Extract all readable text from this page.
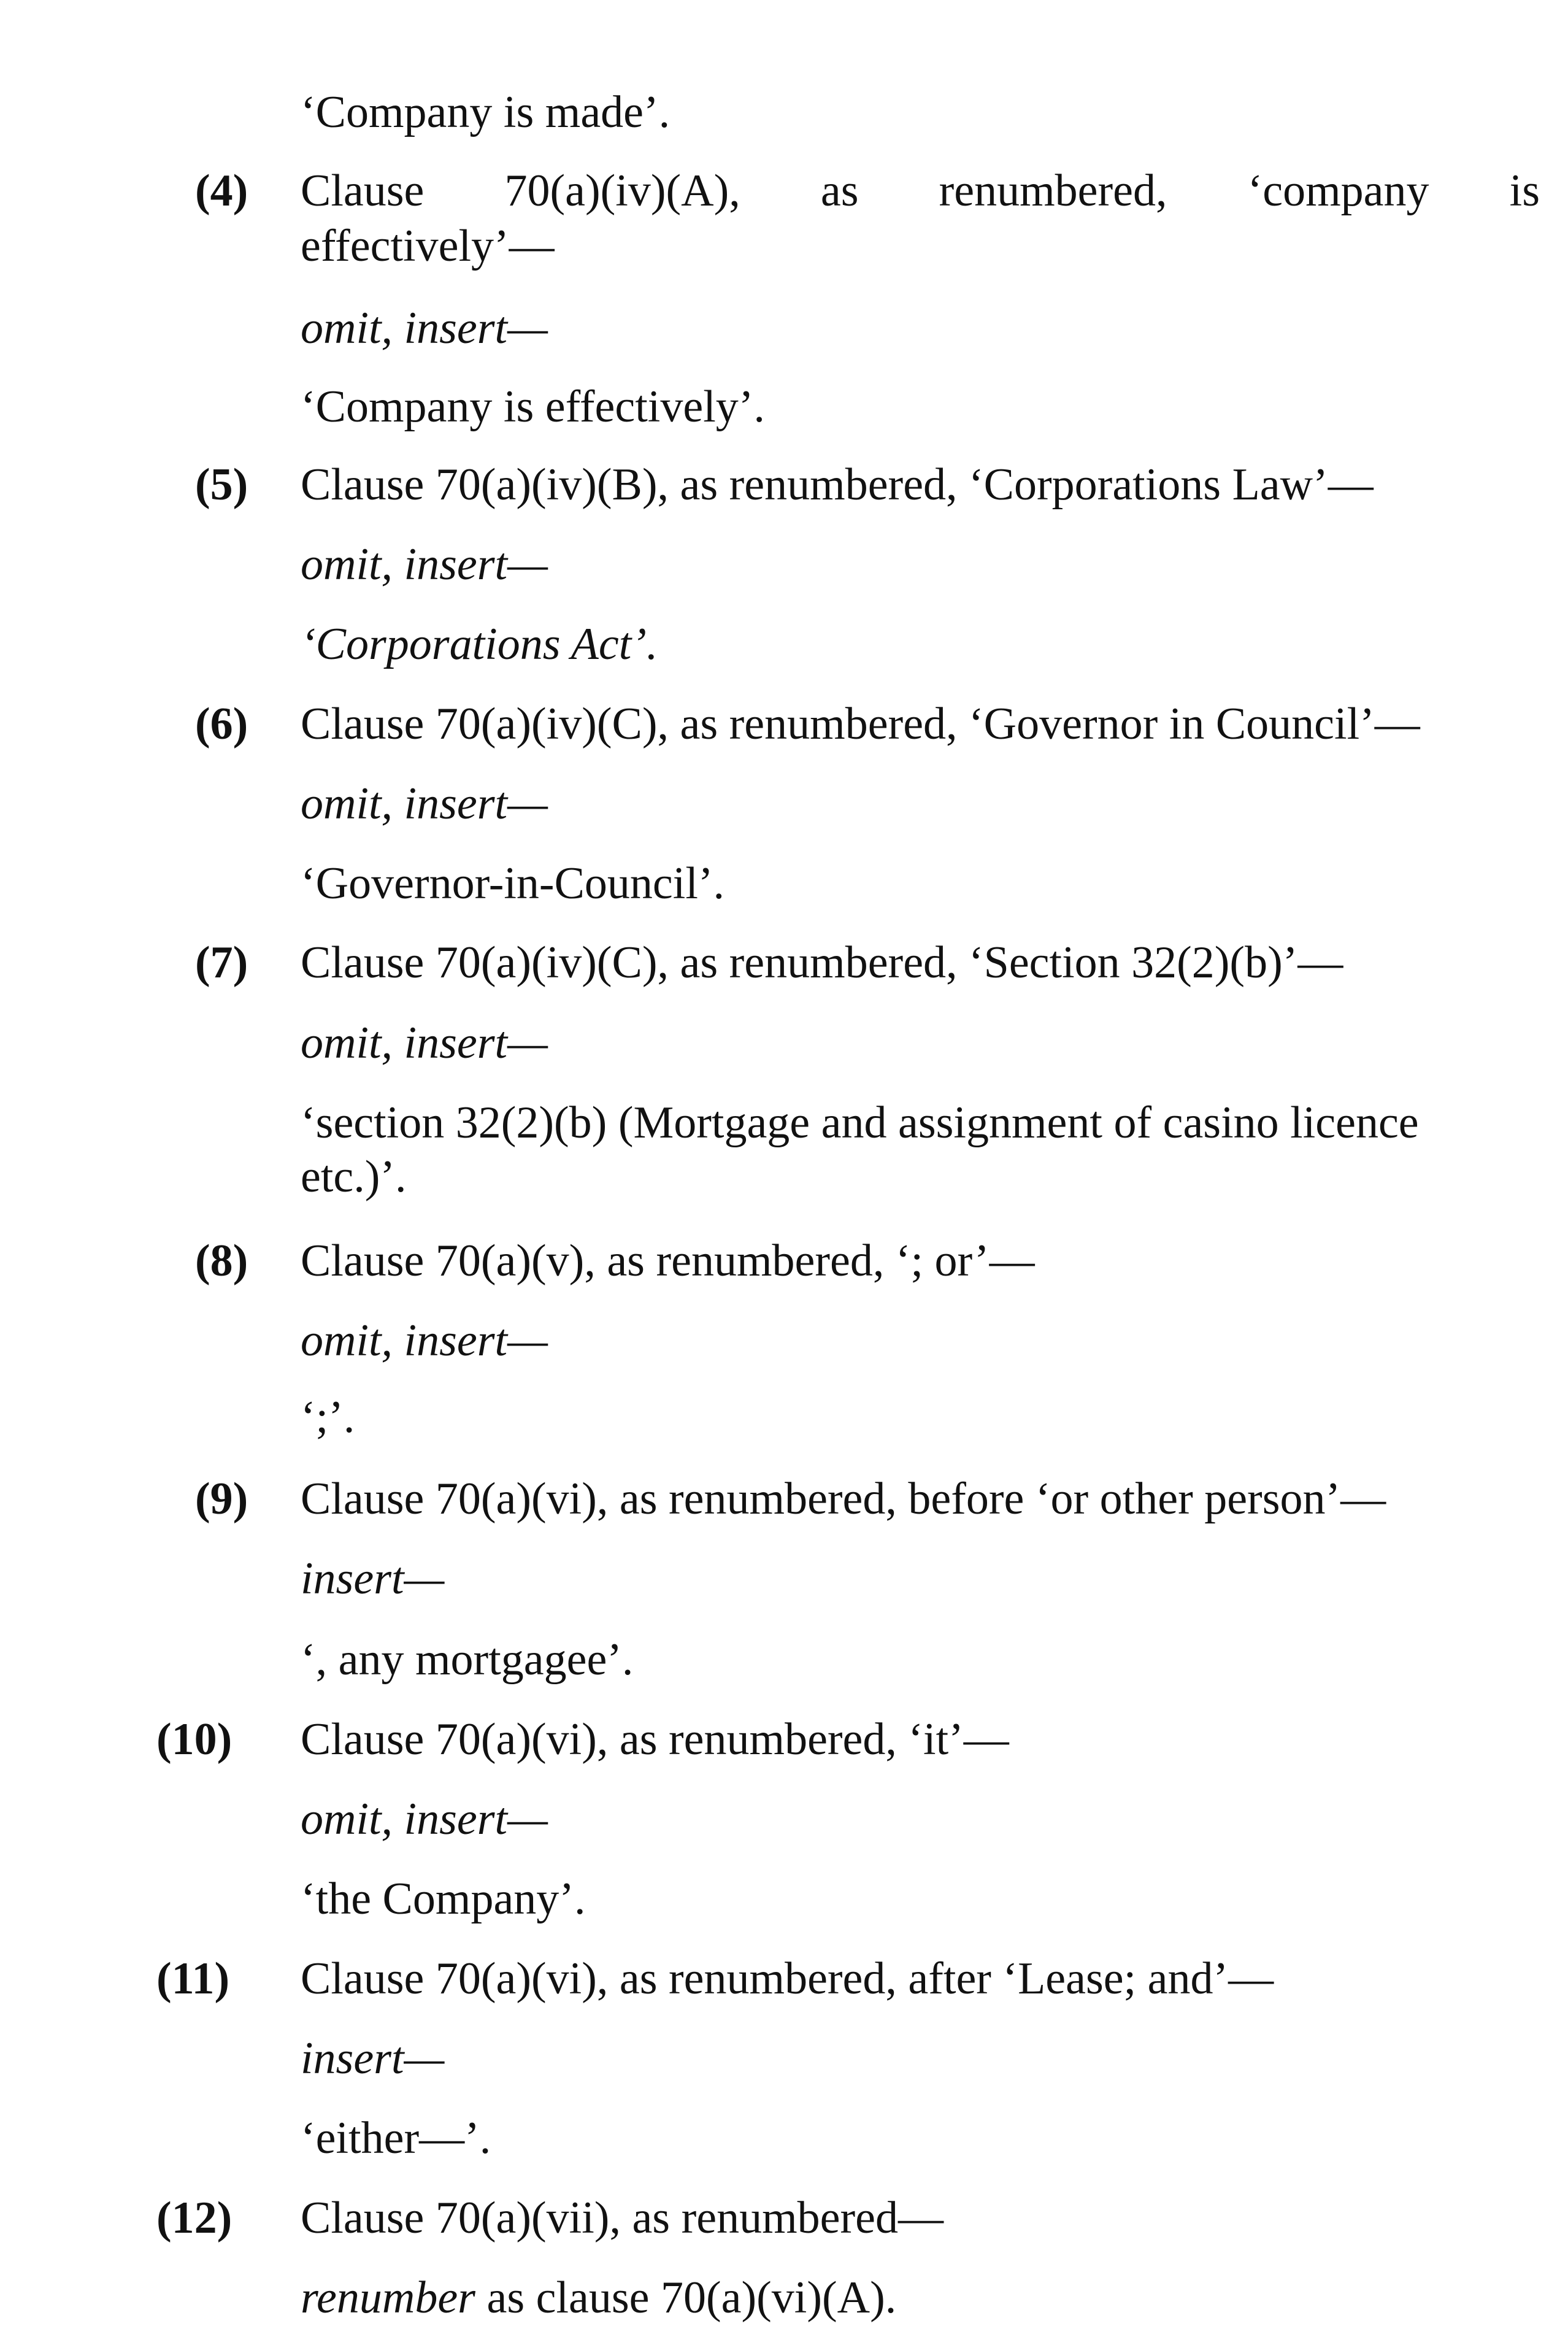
‘Company is made’.
(4) Clause 70(a)(iv)(A), as renumbered, ‘company is
effectively’—
omit, insert—
‘Company is effectively’.
(5) Clause 70(a)(iv)(B), as renumbered, ‘Corporations Law’—
omit, insert—
‘Corporations Act’.
(6) Clause 70(a)(iv)(C), as renumbered, ‘Governor in Council’—
omit, insert—
‘Governor-in-Council’.
(7) Clause 70(a)(iv)(C), as renumbered, ‘Section 32(2)(b)’—
omit, insert—
‘section 32(2)(b) (Mortgage and assignment of casino licence
etc.)’.
(8) Clause 70(a)(v), as renumbered, ‘; or’—
omit, insert—
‘;’.
(9) Clause 70(a)(vi), as renumbered, before ‘or other person’—
insert—
‘, any mortgagee’.
(10) Clause 70(a)(vi), as renumbered, ‘it’—
omit, insert—
‘the Company’.
(11) Clause 70(a)(vi), as renumbered, after ‘Lease; and’—
insert—
‘either—’.
(12) Clause 70(a)(vii), as renumbered—
renumber as clause 70(a)(vi)(A).
